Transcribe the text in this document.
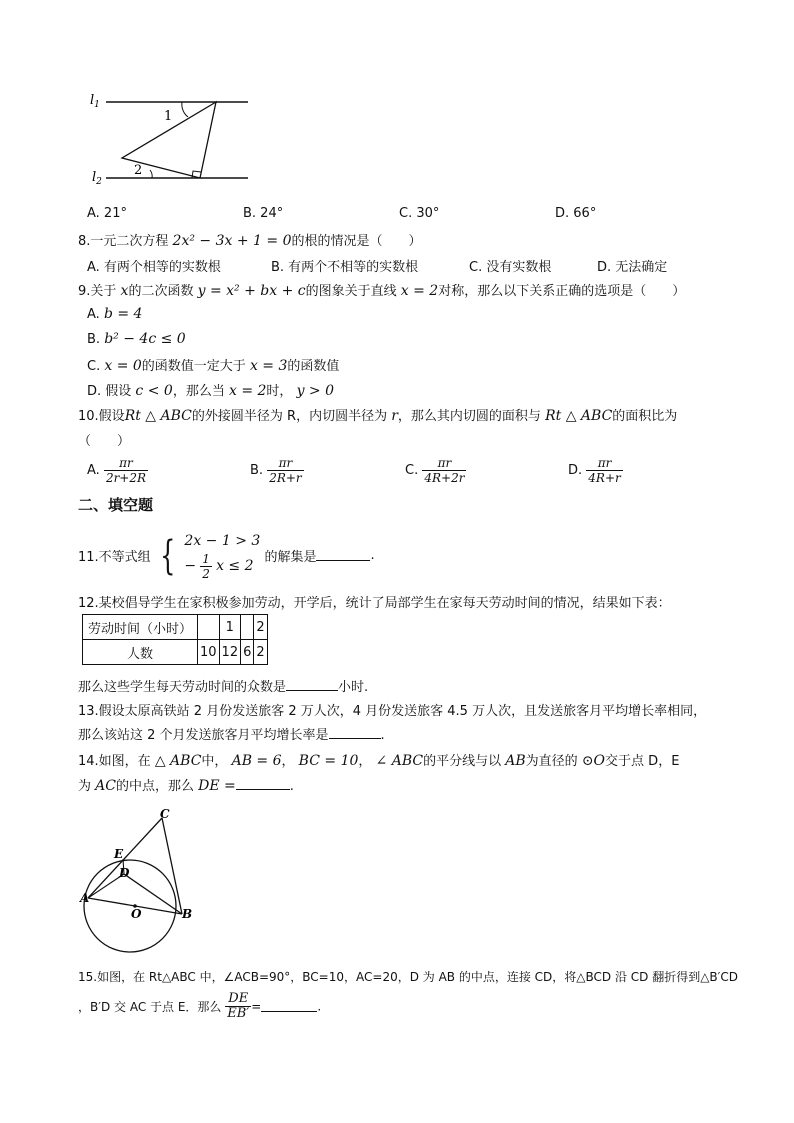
$l_1$
$l_2$
1
2
A. 21°	B. 24°	C. 30°	D. 66°
8.一元二次方程 2x² − 3x + 1 = 0的根的情况是（　　）
A. 有两个相等的实数根	B. 有两个不相等的实数根	C. 没有实数根	D. 无法确定
9.关于 x的二次函数 y = x² + bx + c的图象关于直线 x = 2对称，那么以下关系正确的选项是（　　）
A. b = 4
B. b² − 4c ≤ 0
C. x = 0的函数值一定大于 x = 3的函数值
D. 假设 c < 0，那么当 x = 2时， y > 0
10.假设Rt △ ABC的外接圆半径为 R，内切圆半径为 r，那么其内切圆的面积与 Rt △ ABC的面积比为
（　　）
A. $\frac{\pi r}{2r+2R}$	B. $\frac{\pi r}{2R+r}$	C. $\frac{\pi r}{4R+2r}$	D. $\frac{\pi r}{4R+r}$
二、填空题
11.不等式组 { 2x − 1 > 3
− $\frac{1}{2}$ x ≤ 2
的解集是	.
12.某校倡导学生在家积极参加劳动，开学后，统计了局部学生在家每天劳动时间的情况，结果如下表：
劳动时间（小时）		1		2
人数	10	12	6	2
那么这些学生每天劳动时间的众数是	小时.
13.假设太原高铁站 2 月份发送旅客 2 万人次，4 月份发送旅客 4.5 万人次，且发送旅客月平均增长率相同，
那么该站这 2 个月发送旅客月平均增长率是	.
14.如图，在 △ ABC中， AB = 6， BC = 10， ∠ ABC的平分线与以 AB为直径的 ⊙O交于点 D，E
为 AC的中点，那么 DE =	.
C
E
D
A
O	B
15.如图，在 Rt△ABC 中，∠ACB=90°，BC=10，AC=20，D 为 AB 的中点，连接 CD，将△BCD 沿 CD 翻折得到△B′CD
，B′D 交 AC 于点 E．那么 $\frac{DE}{EB'}$ =	.
